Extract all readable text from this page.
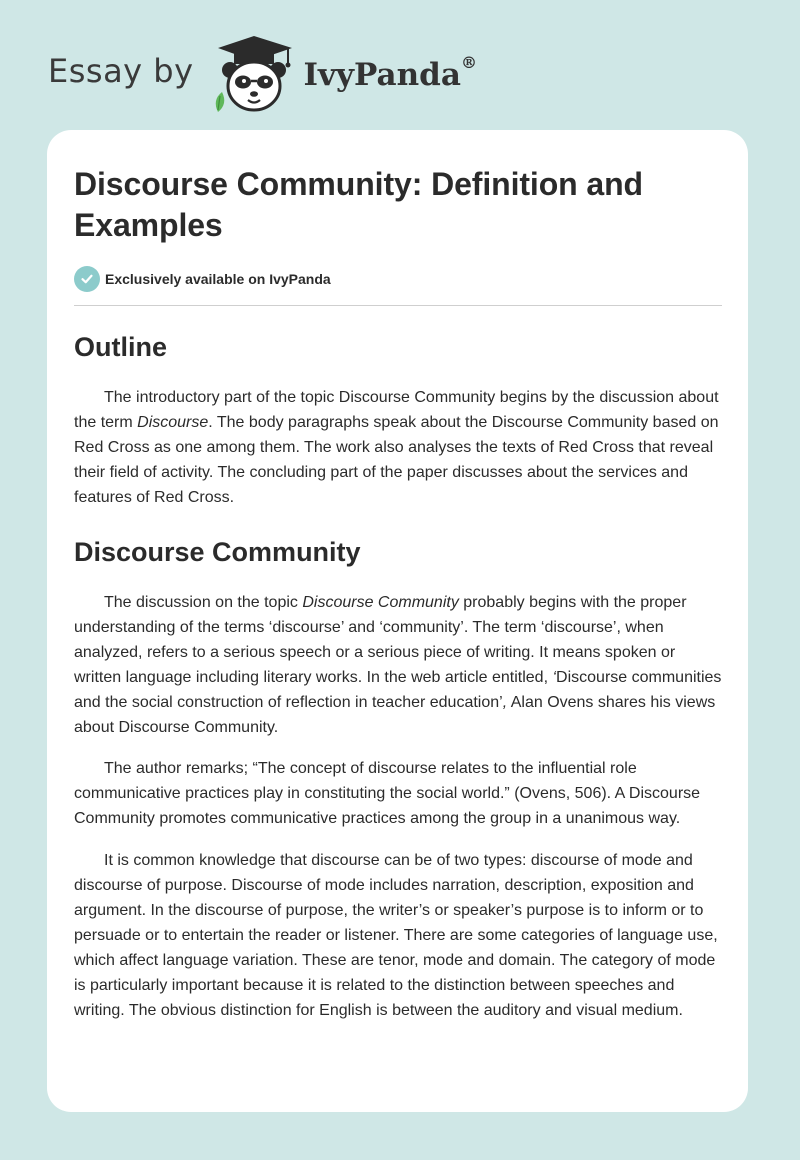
Essay by	IvyPanda®
Discourse Community: Definition and Examples
Exclusively available on IvyPanda
Outline

The introductory part of the topic Discourse Community begins by the discussion about the term Discourse. The body paragraphs speak about the Discourse Community based on Red Cross as one among them. The work also analyses the texts of Red Cross that reveal their field of activity. The concluding part of the paper discusses about the services and features of Red Cross.

Discourse Community

The discussion on the topic Discourse Community probably begins with the proper understanding of the terms ‘discourse’ and ‘community’. The term ‘discourse’, when analyzed, refers to a serious speech or a serious piece of writing. It means spoken or written language including literary works. In the web article entitled, ‘Discourse communities and the social construction of reflection in teacher education’, Alan Ovens shares his views about Discourse Community.

The author remarks; “The concept of discourse relates to the influential role communicative practices play in constituting the social world.” (Ovens, 506). A Discourse Community promotes communicative practices among the group in a unanimous way.

It is common knowledge that discourse can be of two types: discourse of mode and discourse of purpose. Discourse of mode includes narration, description, exposition and argument. In the discourse of purpose, the writer’s or speaker’s purpose is to inform or to persuade or to entertain the reader or listener. There are some categories of language use, which affect language variation. These are tenor, mode and domain. The category of mode is particularly important because it is related to the distinction between speeches and writing. The obvious distinction for English is between the auditory and visual medium.
